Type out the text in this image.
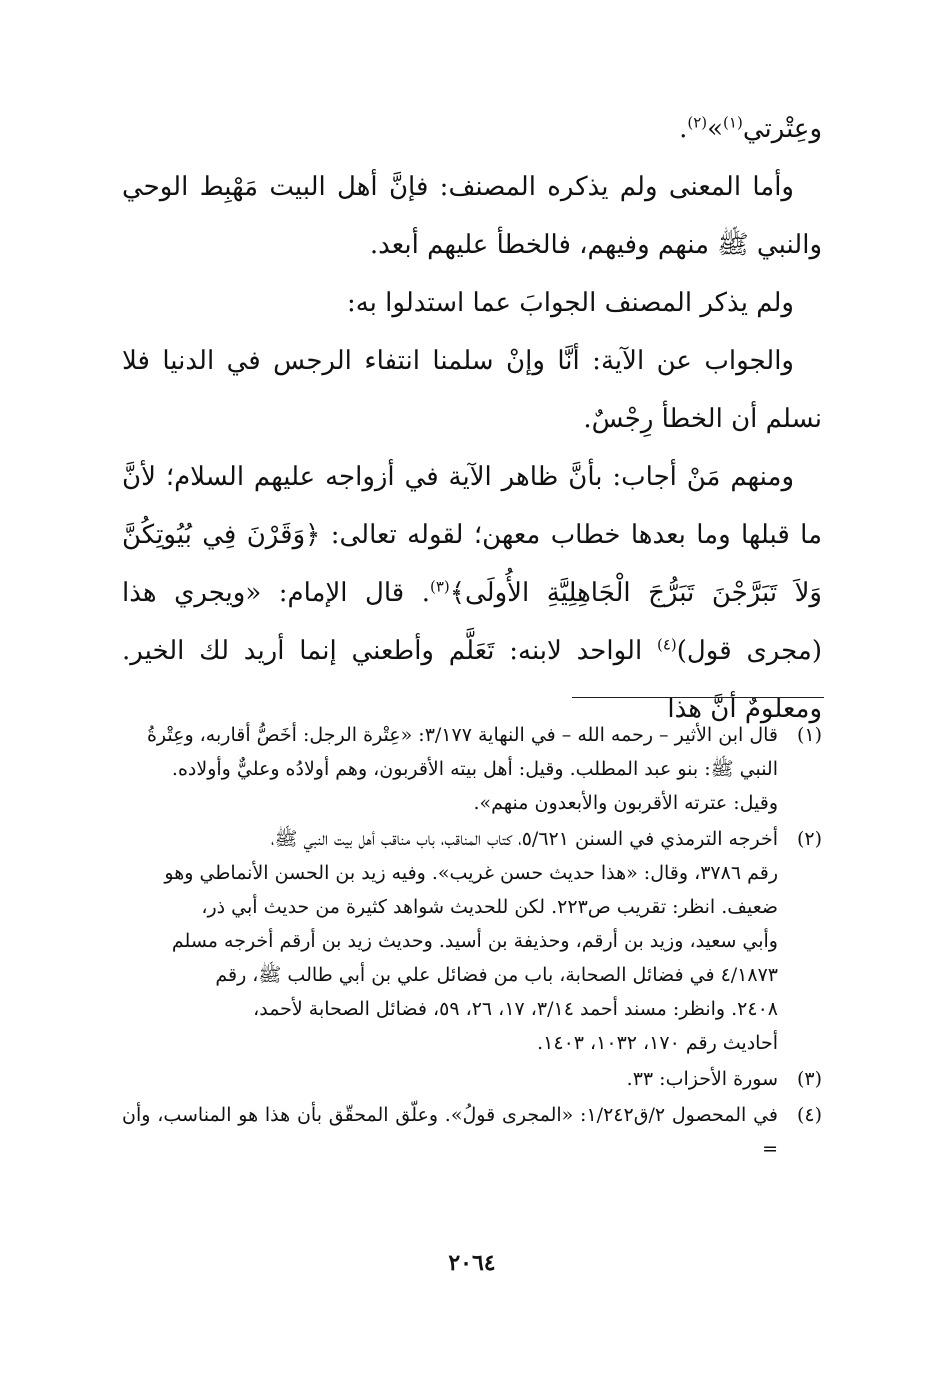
وعِتْرتي$^{(١)}$»$^{(٢)}$.

وأما المعنى ولم يذكره المصنف: فإنَّ أهل البيت مَهْبِط الوحي والنبي ﷺ منهم وفيهم، فالخطأ عليهم أبعد.

ولم يذكر المصنف الجوابَ عما استدلوا به:

والجواب عن الآية: أنَّا وإنْ سلمنا انتفاء الرجس في الدنيا فلا نسلم أن الخطأ رِجْسٌ.

ومنهم مَنْ أجاب: بأنَّ ظاهر الآية في أزواجه عليهم السلام؛ لأنَّ ما قبلها وما بعدها خطاب معهن؛ لقوله تعالى: ﴿وَقَرْنَ فِي بُيُوتِكُنَّ وَلاَ تَبَرَّجْنَ تَبَرُّجَ الْجَاهِلِيَّةِ الأُولَى﴾$^{(٣)}$. قال الإمام: «ويجري هذا (مجرى قول)$^{(٤)}$ الواحد لابنه: تَعَلَّم وأطعني إنما أريد لك الخير. ومعلومٌ أنَّ هذا

(١)
قال ابن الأثير – رحمه الله – في النهاية ٣/١٧٧: «عِتْرة الرجل: أخَصُّ أقاربه، وعِتْرةُ
النبي ﷺ: بنو عبد المطلب. وقيل: أهل بيته الأقربون، وهم أولادُه وعليٌّ وأولاده.
وقيل: عترته الأقربون والأبعدون منهم».
(٢)
أخرجه الترمذي في السنن ٥/٦٢١، كتاب المناقب، باب مناقب أهل بيت النبي ﷺ،
رقم ٣٧٨٦، وقال: «هذا حديث حسن غريب». وفيه زيد بن الحسن الأنماطي وهو
ضعيف. انظر: تقريب ص٢٢٣. لكن للحديث شواهد كثيرة من حديث أبي ذر،
وأبي سعيد، وزيد بن أرقم، وحذيفة بن أسيد. وحديث زيد بن أرقم أخرجه مسلم
٤/١٨٧٣ في فضائل الصحابة، باب من فضائل علي بن أبي طالب ﷺ، رقم
٢٤٠٨. وانظر: مسند أحمد ٣/١٤، ١٧، ٢٦، ٥٩، فضائل الصحابة لأحمد،
أحاديث رقم ١٧٠، ١٠٣٢، ١٤٠٣.
(٣)
سورة الأحزاب: ٣٣.
(٤)
في المحصول ٢/ق١/٢٤٢: «المجرى قولُ». وعلّق المحقّق بأن هذا هو المناسب، وأن =
٢٠٦٤
